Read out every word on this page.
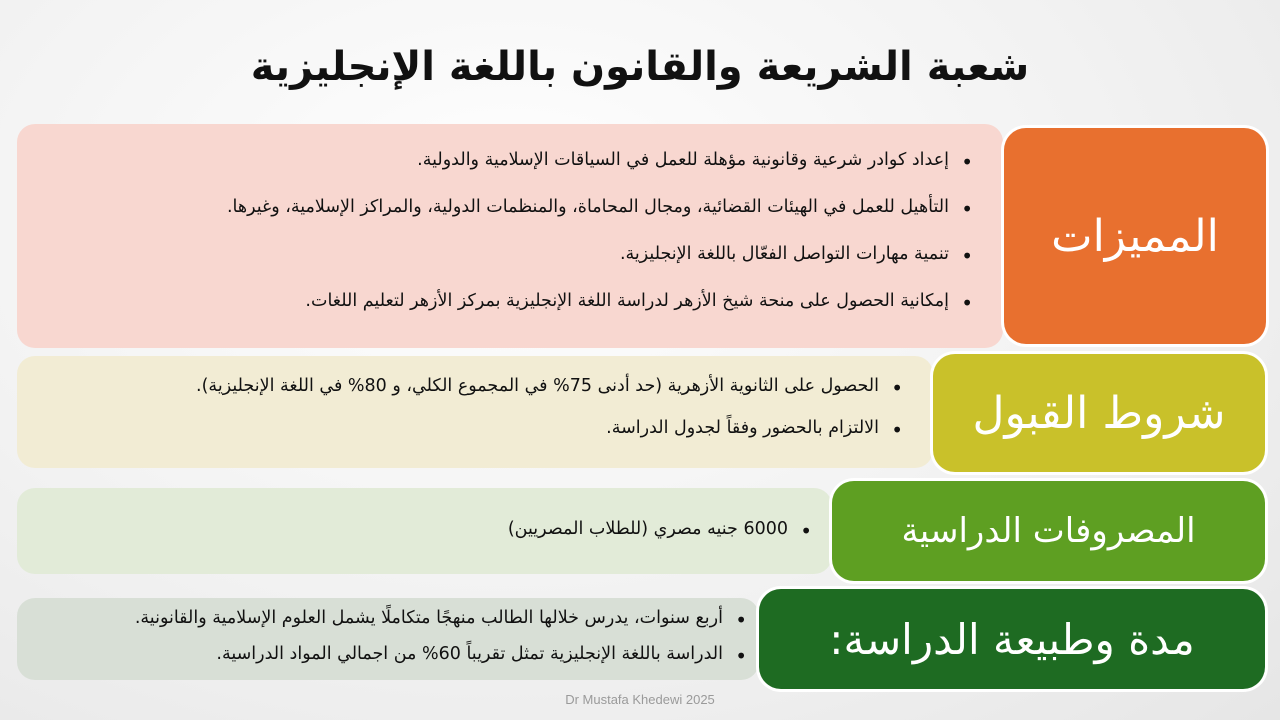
شعبة الشريعة والقانون باللغة الإنجليزية
• إعداد كوادر شرعية وقانونية مؤهلة للعمل في السياقات الإسلامية والدولية.
• التأهيل للعمل في الهيئات القضائية، ومجال المحاماة، والمنظمات الدولية، والمراكز الإسلامية، وغيرها.
• تنمية مهارات التواصل الفعّال باللغة الإنجليزية.
• إمكانية الحصول على منحة شيخ الأزهر لدراسة اللغة الإنجليزية بمركز الأزهر لتعليم اللغات.
المميزات
• الحصول على الثانوية الأزهرية (حد أدنى 75% في المجموع الكلي، و 80% في اللغة الإنجليزية).
• الالتزام بالحضور وفقاً لجدول الدراسة.	شروط القبول
• 6000 جنيه مصري (للطلاب المصريين)	المصروفات الدراسية
• أربع سنوات، يدرس خلالها الطالب منهجًا متكاملًا يشمل العلوم الإسلامية والقانونية.
• الدراسة باللغة الإنجليزية تمثل تقريباً 60% من اجمالي المواد الدراسية.	مدة وطبيعة الدراسة:
Dr Mustafa Khedewi 2025
